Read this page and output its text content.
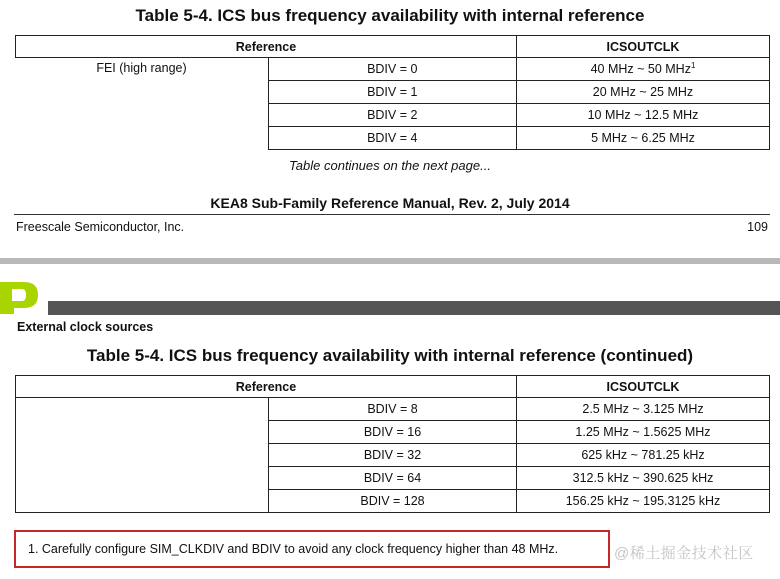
Table 5-4. ICS bus frequency availability with internal reference
Reference		ICSOUTCLK
FEI (high range)	BDIV = 0	40 MHz ~ 50 MHz$^1$
	BDIV = 1	20 MHz ~ 25 MHz
	BDIV = 2	10 MHz ~ 12.5 MHz
	BDIV = 4	5 MHz ~ 6.25 MHz
Table continues on the next page...
KEA8 Sub-Family Reference Manual, Rev. 2, July 2014
Freescale Semiconductor, Inc.	109
External clock sources
Table 5-4. ICS bus frequency availability with internal reference (continued)
Reference		ICSOUTCLK
	BDIV = 8	2.5 MHz ~ 3.125 MHz
	BDIV = 16	1.25 MHz ~ 1.5625 MHz
	BDIV = 32	625 kHz ~ 781.25 kHz
	BDIV = 64	312.5 kHz ~ 390.625 kHz
	BDIV = 128	156.25 kHz ~ 195.3125 kHz
1. Carefully configure SIM_CLKDIV and BDIV to avoid any clock frequency higher than 48 MHz.	@稀土掘金技术社区
